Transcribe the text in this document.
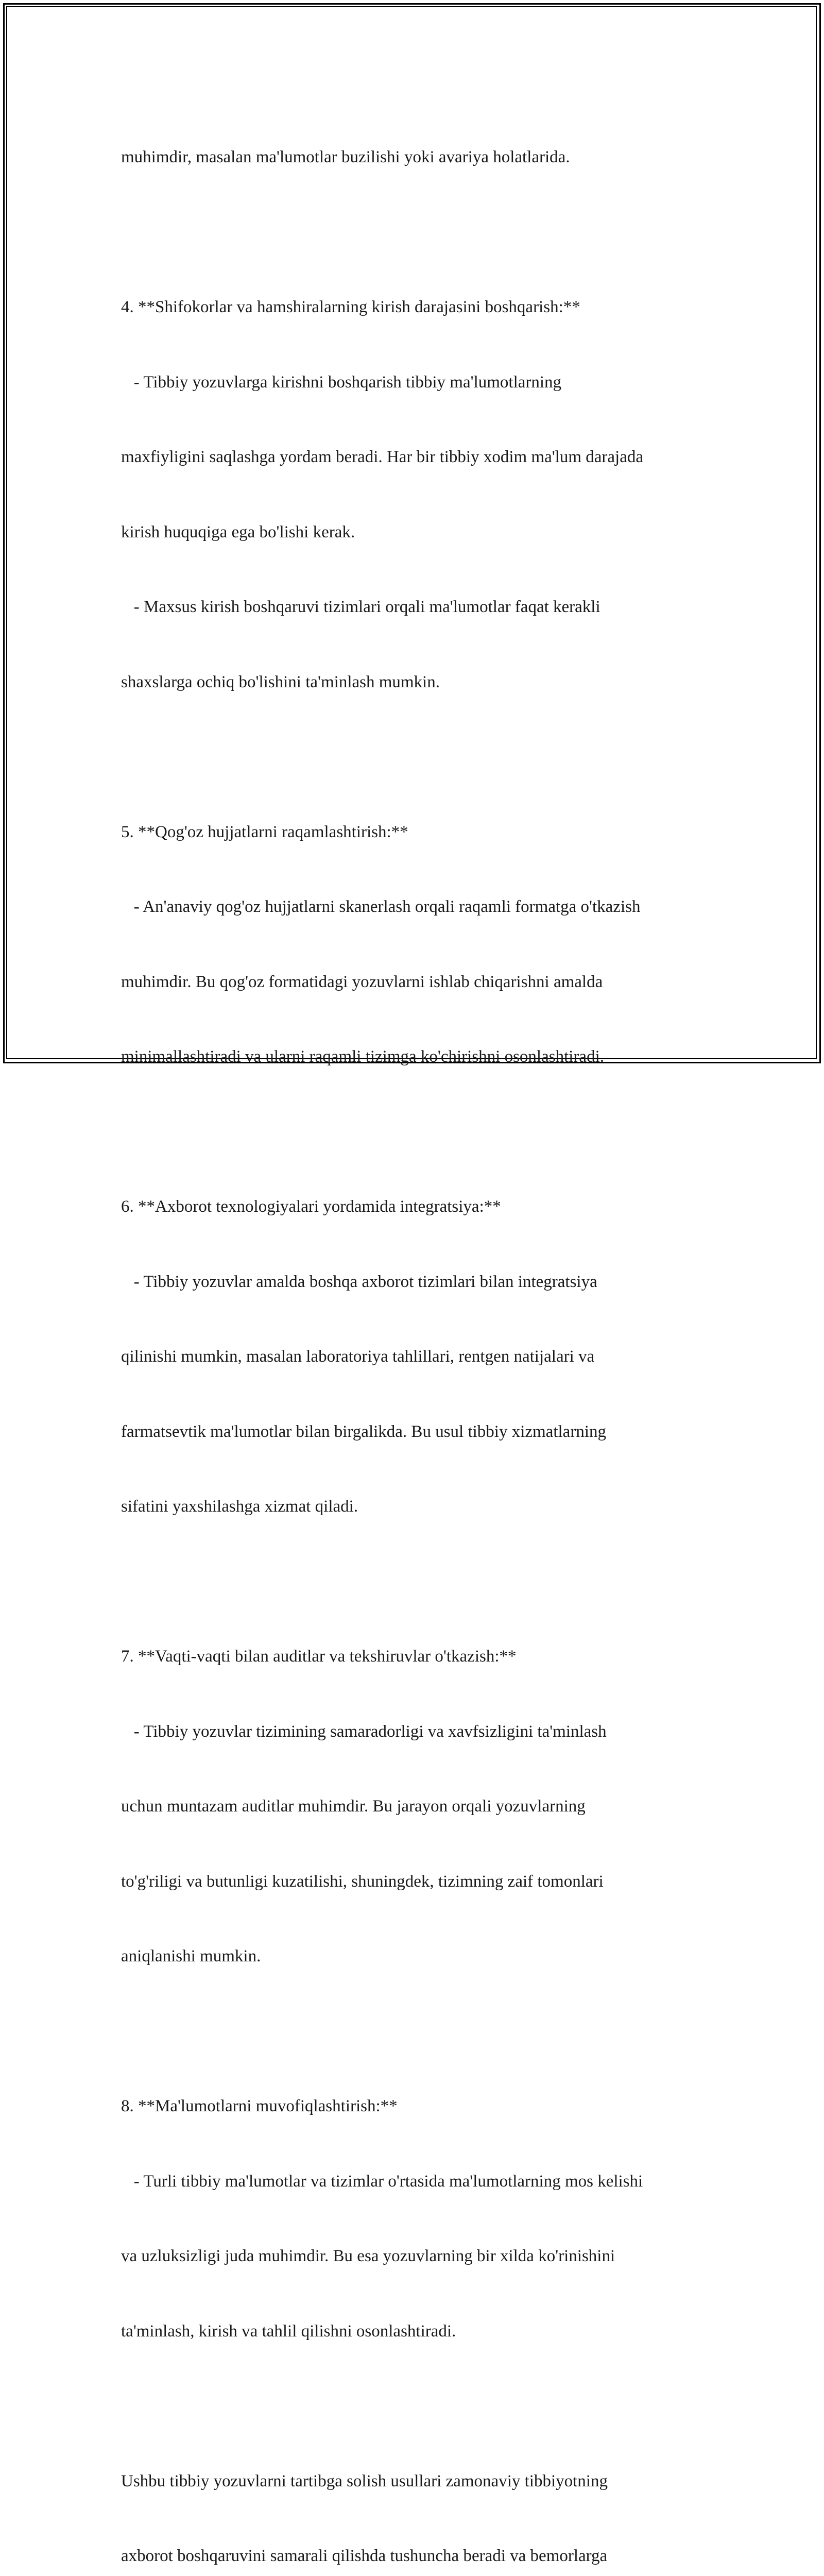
muhimdir, masalan ma'lumotlar buzilishi yoki avariya holatlarida.

4. **Shifokorlar va hamshiralarning kirish darajasini boshqarish:**

- Tibbiy yozuvlarga kirishni boshqarish tibbiy ma'lumotlarning

maxfiyligini saqlashga yordam beradi. Har bir tibbiy xodim ma'lum darajada

kirish huquqiga ega bo'lishi kerak.

- Maxsus kirish boshqaruvi tizimlari orqali ma'lumotlar faqat kerakli

shaxslarga ochiq bo'lishini ta'minlash mumkin.

5. **Qog'oz hujjatlarni raqamlashtirish:**

- An'anaviy qog'oz hujjatlarni skanerlash orqali raqamli formatga o'tkazish

muhimdir. Bu qog'oz formatidagi yozuvlarni ishlab chiqarishni amalda

minimallashtiradi va ularni raqamli tizimga ko'chirishni osonlashtiradi.

6. **Axborot texnologiyalari yordamida integratsiya:**

- Tibbiy yozuvlar amalda boshqa axborot tizimlari bilan integratsiya

qilinishi mumkin, masalan laboratoriya tahlillari, rentgen natijalari va

farmatsevtik ma'lumotlar bilan birgalikda. Bu usul tibbiy xizmatlarning

sifatini yaxshilashga xizmat qiladi.

7. **Vaqti-vaqti bilan auditlar va tekshiruvlar o'tkazish:**

- Tibbiy yozuvlar tizimining samaradorligi va xavfsizligini ta'minlash

uchun muntazam auditlar muhimdir. Bu jarayon orqali yozuvlarning

to'g'riligi va butunligi kuzatilishi, shuningdek, tizimning zaif tomonlari

aniqlanishi mumkin.

8. **Ma'lumotlarni muvofiqlashtirish:**

- Turli tibbiy ma'lumotlar va tizimlar o'rtasida ma'lumotlarning mos kelishi

va uzluksizligi juda muhimdir. Bu esa yozuvlarning bir xilda ko'rinishini

ta'minlash, kirish va tahlil qilishni osonlashtiradi.

Ushbu tibbiy yozuvlarni tartibga solish usullari zamonaviy tibbiyotning

axborot boshqaruvini samarali qilishda tushuncha beradi va bemorlarga
